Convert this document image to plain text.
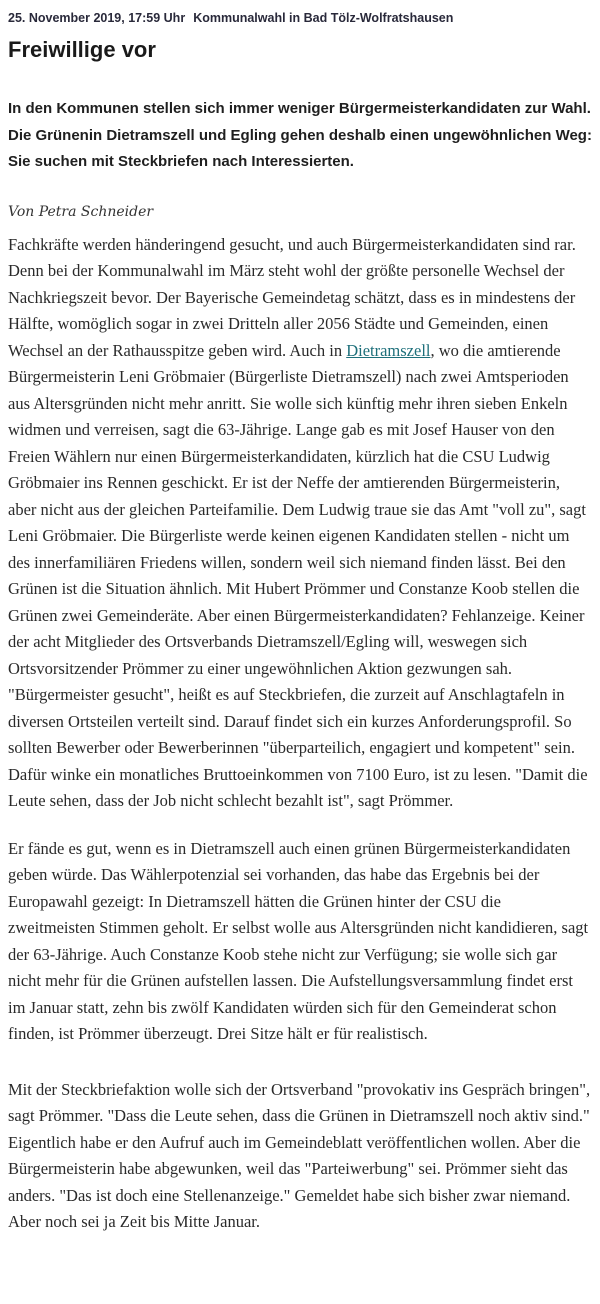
25. November 2019, 17:59 Uhr Kommunalwahl in Bad Tölz-Wolfratshausen
Freiwillige vor

In den Kommunen stellen sich immer weniger Bürgermeisterkandidaten zur Wahl. Die Grünenin Dietramszell und Egling gehen deshalb einen ungewöhnlichen Weg: Sie suchen mit Steckbriefen nach Interessierten.

Von Petra Schneider

Fachkräfte werden händeringend gesucht, und auch Bürgermeisterkandidaten sind rar. Denn bei der Kommunalwahl im März steht wohl der größte personelle Wechsel der Nachkriegszeit bevor. Der Bayerische Gemeindetag schätzt, dass es in mindestens der Hälfte, womöglich sogar in zwei Dritteln aller 2056 Städte und Gemeinden, einen Wechsel an der Rathausspitze geben wird. Auch in Dietramszell, wo die amtierende Bürgermeisterin Leni Gröbmaier (Bürgerliste Dietramszell) nach zwei Amtsperioden aus Altersgründen nicht mehr anritt. Sie wolle sich künftig mehr ihren sieben Enkeln widmen und verreisen, sagt die 63-Jährige. Lange gab es mit Josef Hauser von den Freien Wählern nur einen Bürgermeisterkandidaten, kürzlich hat die CSU Ludwig Gröbmaier ins Rennen geschickt. Er ist der Neffe der amtierenden Bürgermeisterin, aber nicht aus der gleichen Parteifamilie. Dem Ludwig traue sie das Amt "voll zu", sagt Leni Gröbmaier. Die Bürgerliste werde keinen eigenen Kandidaten stellen - nicht um des innerfamiliären Friedens willen, sondern weil sich niemand finden lässt. Bei den Grünen ist die Situation ähnlich. Mit Hubert Prömmer und Constanze Koob stellen die Grünen zwei Gemeinderäte. Aber einen Bürgermeisterkandidaten? Fehlanzeige. Keiner der acht Mitglieder des Ortsverbands Dietramszell/Egling will, weswegen sich Ortsvorsitzender Prömmer zu einer ungewöhnlichen Aktion gezwungen sah. "Bürgermeister gesucht", heißt es auf Steckbriefen, die zurzeit auf Anschlagtafeln in diversen Ortsteilen verteilt sind. Darauf findet sich ein kurzes Anforderungsprofil. So sollten Bewerber oder Bewerberinnen "überparteilich, engagiert und kompetent" sein. Dafür winke ein monatliches Bruttoeinkommen von 7100 Euro, ist zu lesen. "Damit die Leute sehen, dass der Job nicht schlecht bezahlt ist", sagt Prömmer.

Er fände es gut, wenn es in Dietramszell auch einen grünen Bürgermeisterkandidaten geben würde. Das Wählerpotenzial sei vorhanden, das habe das Ergebnis bei der Europawahl gezeigt: In Dietramszell hätten die Grünen hinter der CSU die zweitmeisten Stimmen geholt. Er selbst wolle aus Altersgründen nicht kandidieren, sagt der 63-Jährige. Auch Constanze Koob stehe nicht zur Verfügung; sie wolle sich gar nicht mehr für die Grünen aufstellen lassen. Die Aufstellungsversammlung findet erst im Januar statt, zehn bis zwölf Kandidaten würden sich für den Gemeinderat schon finden, ist Prömmer überzeugt. Drei Sitze hält er für realistisch.

Mit der Steckbriefaktion wolle sich der Ortsverband "provokativ ins Gespräch bringen", sagt Prömmer. "Dass die Leute sehen, dass die Grünen in Dietramszell noch aktiv sind." Eigentlich habe er den Aufruf auch im Gemeindeblatt veröffentlichen wollen. Aber die Bürgermeisterin habe abgewunken, weil das "Parteiwerbung" sei. Prömmer sieht das anders. "Das ist doch eine Stellenanzeige." Gemeldet habe sich bisher zwar niemand. Aber noch sei ja Zeit bis Mitte Januar.
